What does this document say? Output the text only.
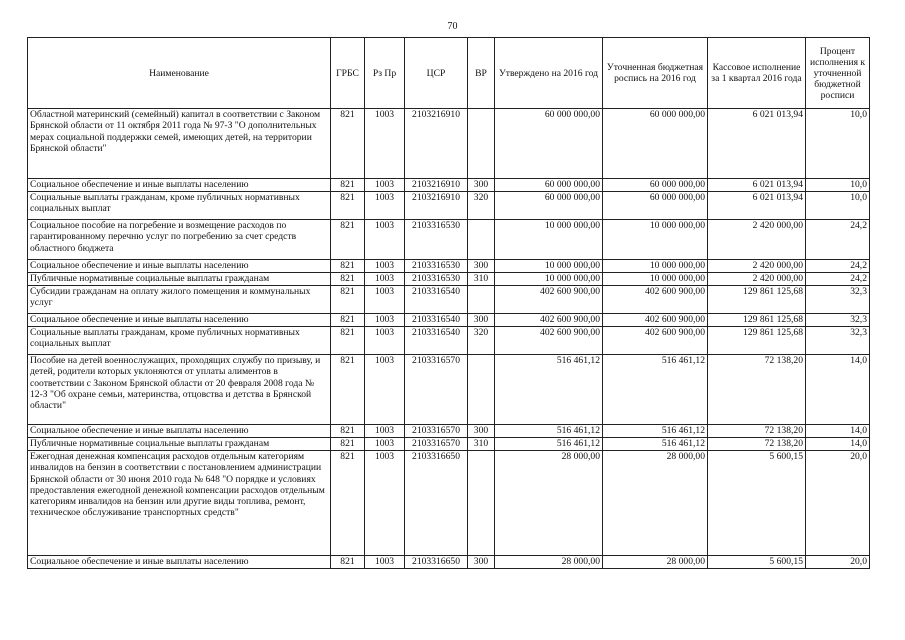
70
Наименование	ГРБС	Рз Пр	ЦСР	ВР	Утверждено на 2016 год	Уточненная бюджетная роспись на 2016 год	Кассовое исполнение за 1 квартал 2016 года	Процент исполнения к уточненной бюджетной росписи
Областной материнский (семейный) капитал в соответствии с Законом Брянской области от 11 октября 2011 года № 97-З "О дополнительных мерах социальной поддержки семей, имеющих детей, на территории Брянской области"	821	1003	2103216910		60 000 000,00	60 000 000,00	6 021 013,94	10,0
Социальное обеспечение и иные выплаты населению	821	1003	2103216910	300	60 000 000,00	60 000 000,00	6 021 013,94	10,0
Социальные выплаты гражданам, кроме публичных нормативных социальных выплат	821	1003	2103216910	320	60 000 000,00	60 000 000,00	6 021 013,94	10,0
Социальное пособие на погребение и возмещение расходов по гарантированному перечню услуг по погребению за счет средств областного бюджета	821	1003	2103316530		10 000 000,00	10 000 000,00	2 420 000,00	24,2
Социальное обеспечение и иные выплаты населению	821	1003	2103316530	300	10 000 000,00	10 000 000,00	2 420 000,00	24,2
Публичные нормативные социальные выплаты гражданам	821	1003	2103316530	310	10 000 000,00	10 000 000,00	2 420 000,00	24,2
Субсидии гражданам на оплату жилого помещения и коммунальных услуг	821	1003	2103316540		402 600 900,00	402 600 900,00	129 861 125,68	32,3
Социальное обеспечение и иные выплаты населению	821	1003	2103316540	300	402 600 900,00	402 600 900,00	129 861 125,68	32,3
Социальные выплаты гражданам, кроме публичных нормативных социальных выплат	821	1003	2103316540	320	402 600 900,00	402 600 900,00	129 861 125,68	32,3
Пособие на детей военнослужащих, проходящих службу по призыву, и детей, родители которых уклоняются от уплаты алиментов в соответствии с Законом Брянской области от 20 февраля 2008 года № 12-З "Об охране семьи, материнства, отцовства и детства в Брянской области"	821	1003	2103316570		516 461,12	516 461,12	72 138,20	14,0
Социальное обеспечение и иные выплаты населению	821	1003	2103316570	300	516 461,12	516 461,12	72 138,20	14,0
Публичные нормативные социальные выплаты гражданам	821	1003	2103316570	310	516 461,12	516 461,12	72 138,20	14,0
Ежегодная денежная компенсация расходов отдельным категориям инвалидов на бензин в соответствии с постановлением администрации Брянской области от 30 июня 2010 года № 648 "О порядке и условиях предоставления ежегодной денежной компенсации расходов отдельным категориям инвалидов на бензин или другие виды топлива, ремонт, техническое обслуживание транспортных средств"	821	1003	2103316650		28 000,00	28 000,00	5 600,15	20,0
Социальное обеспечение и иные выплаты населению	821	1003	2103316650	300	28 000,00	28 000,00	5 600,15	20,0
